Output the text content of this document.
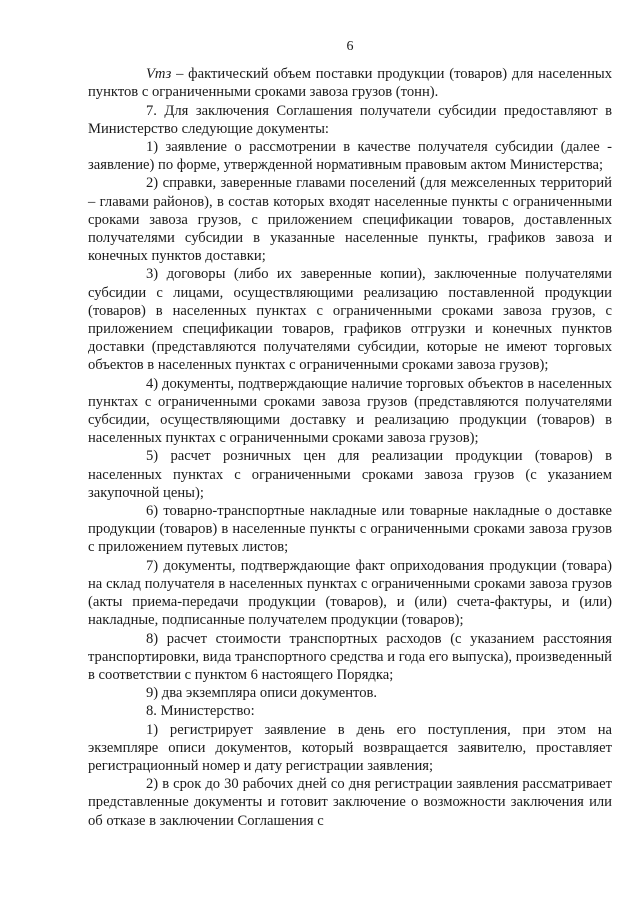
6

Vтз – фактический объем поставки продукции (товаров) для населенных пунктов с ограниченными сроками завоза грузов (тонн).

7. Для заключения Соглашения получатели субсидии предоставляют в Министерство следующие документы:

1) заявление о рассмотрении в качестве получателя субсидии (далее - заявление) по форме, утвержденной нормативным правовым актом Министерства;

2) справки, заверенные главами поселений (для межселенных территорий – главами районов), в состав которых входят населенные пункты с ограниченными сроками завоза грузов, с приложением спецификации товаров, доставленных получателями субсидии в указанные населенные пункты, графиков завоза и конечных пунктов доставки;

3) договоры (либо их заверенные копии), заключенные получателями субсидии с лицами, осуществляющими реализацию поставленной продукции (товаров) в населенных пунктах с ограниченными сроками завоза грузов, с приложением спецификации товаров, графиков отгрузки и конечных пунктов доставки (представляются получателями субсидии, которые не имеют торговых объектов в населенных пунктах с ограниченными сроками завоза грузов);

4) документы, подтверждающие наличие торговых объектов в населенных пунктах с ограниченными сроками завоза грузов (представляются получателями субсидии, осуществляющими доставку и реализацию продукции (товаров) в населенных пунктах с ограниченными сроками завоза грузов);

5) расчет розничных цен для реализации продукции (товаров) в населенных пунктах с ограниченными сроками завоза грузов (с указанием закупочной цены);

6) товарно-транспортные накладные или товарные накладные о доставке продукции (товаров) в населенные пункты с ограниченными сроками завоза грузов с приложением путевых листов;

7) документы, подтверждающие факт оприходования продукции (товара) на склад получателя в населенных пунктах с ограниченными сроками завоза грузов (акты приема-передачи продукции (товаров), и (или) счета-фактуры, и (или) накладные, подписанные получателем продукции (товаров);

8) расчет стоимости транспортных расходов (с указанием расстояния транспортировки, вида транспортного средства и года его выпуска), произведенный в соответствии с пунктом 6 настоящего Порядка;

9) два экземпляра описи документов.

8. Министерство:

1) регистрирует заявление в день его поступления, при этом на экземпляре описи документов, который возвращается заявителю, проставляет регистрационный номер и дату регистрации заявления;

2) в срок до 30 рабочих дней со дня регистрации заявления рассматривает представленные документы и готовит заключение о возможности заключения или об отказе в заключении Соглашения с
